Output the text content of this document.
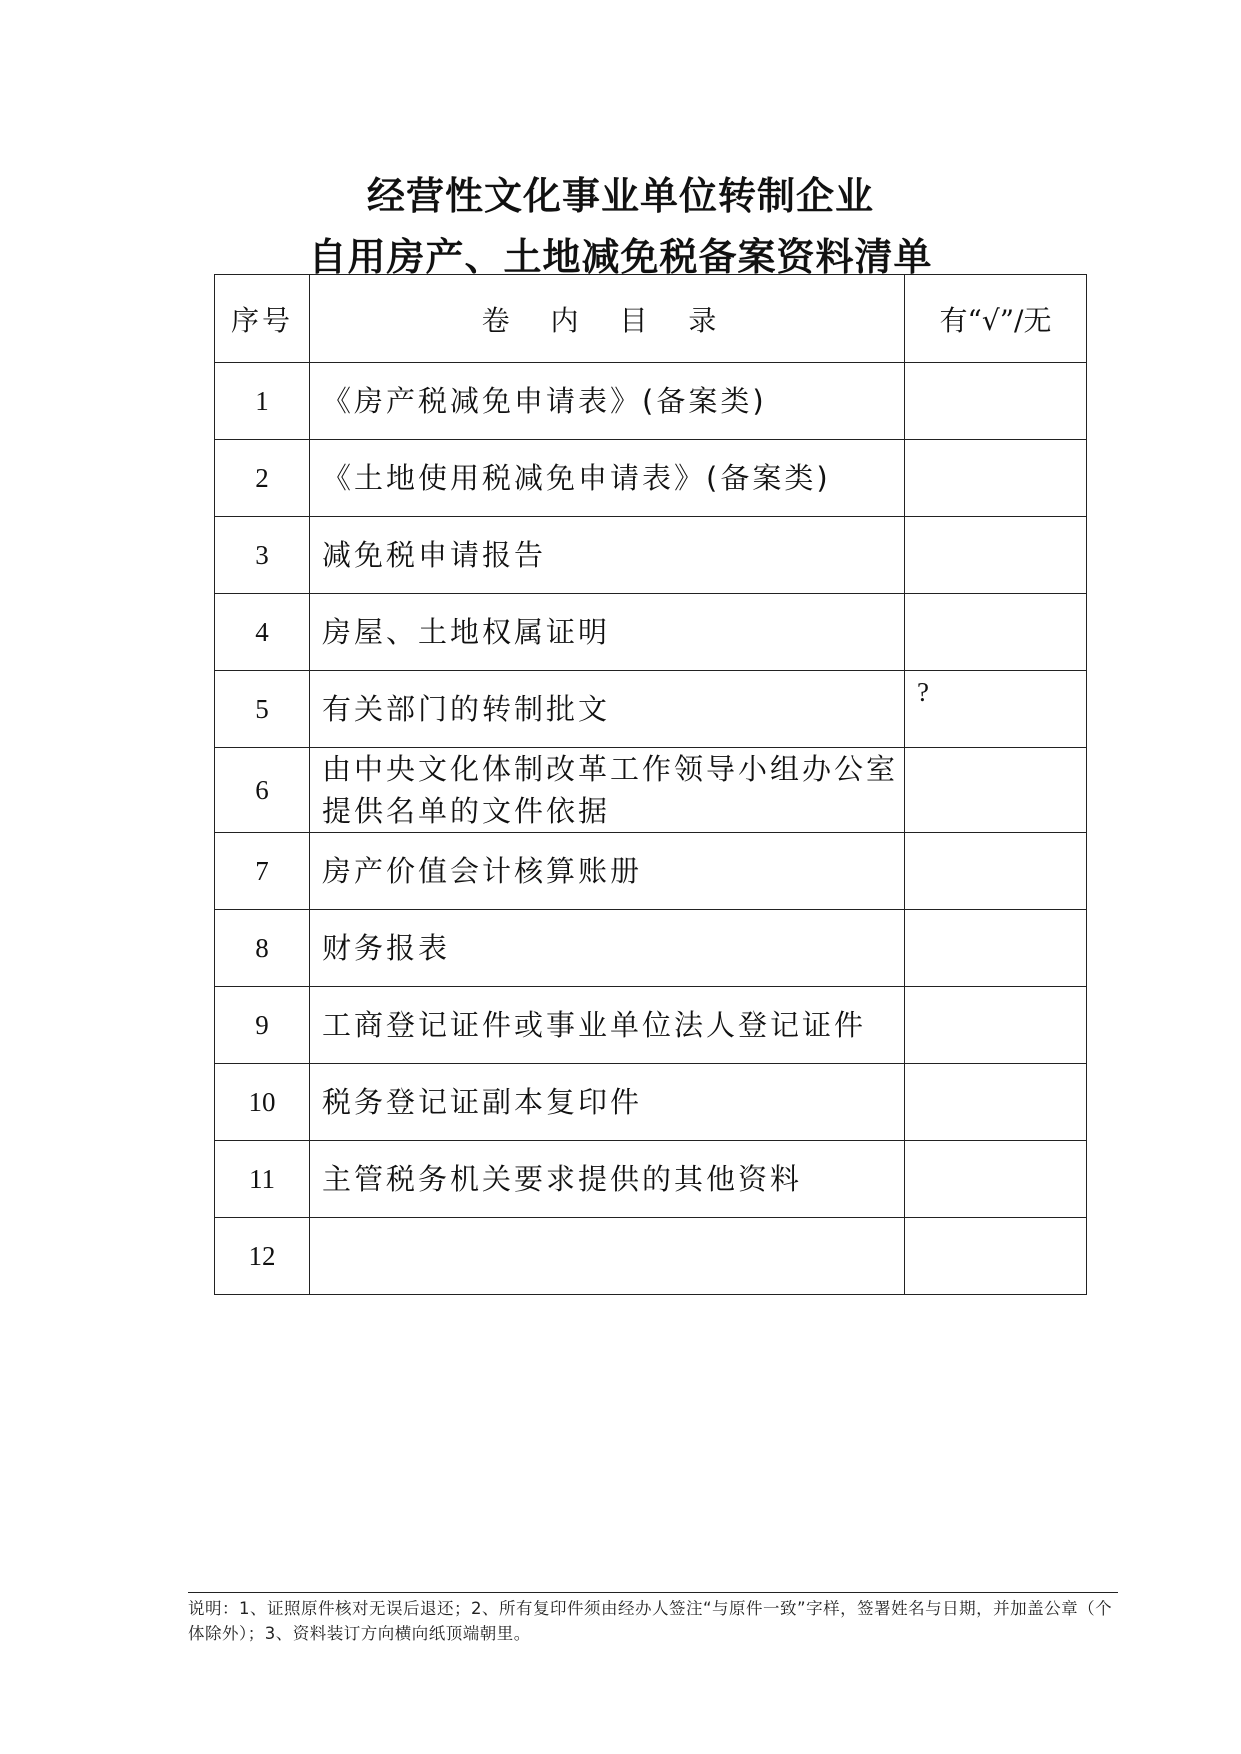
经营性文化事业单位转制企业
自用房产、土地减免税备案资料清单
序号	卷 内 目 录	有“√”/无
1	《房产税减免申请表》(备案类)	

2	《土地使用税减免申请表》(备案类)	

3	减免税申请报告	

4	房屋、土地权属证明	

5	有关部门的转制批文	?

6	由中央文化体制改革工作领导小组办公室提供名单的文件依据	

7	房产价值会计核算账册	

8	财务报表	

9	工商登记证件或事业单位法人登记证件	

10	税务登记证副本复印件	

11	主管税务机关要求提供的其他资料	

12		
说明：1、证照原件核对无误后退还；2、所有复印件须由经办人签注“与原件一致”字样，签署姓名与日期，并加盖公章（个体除外）；3、资料装订方向横向纸顶端朝里。
